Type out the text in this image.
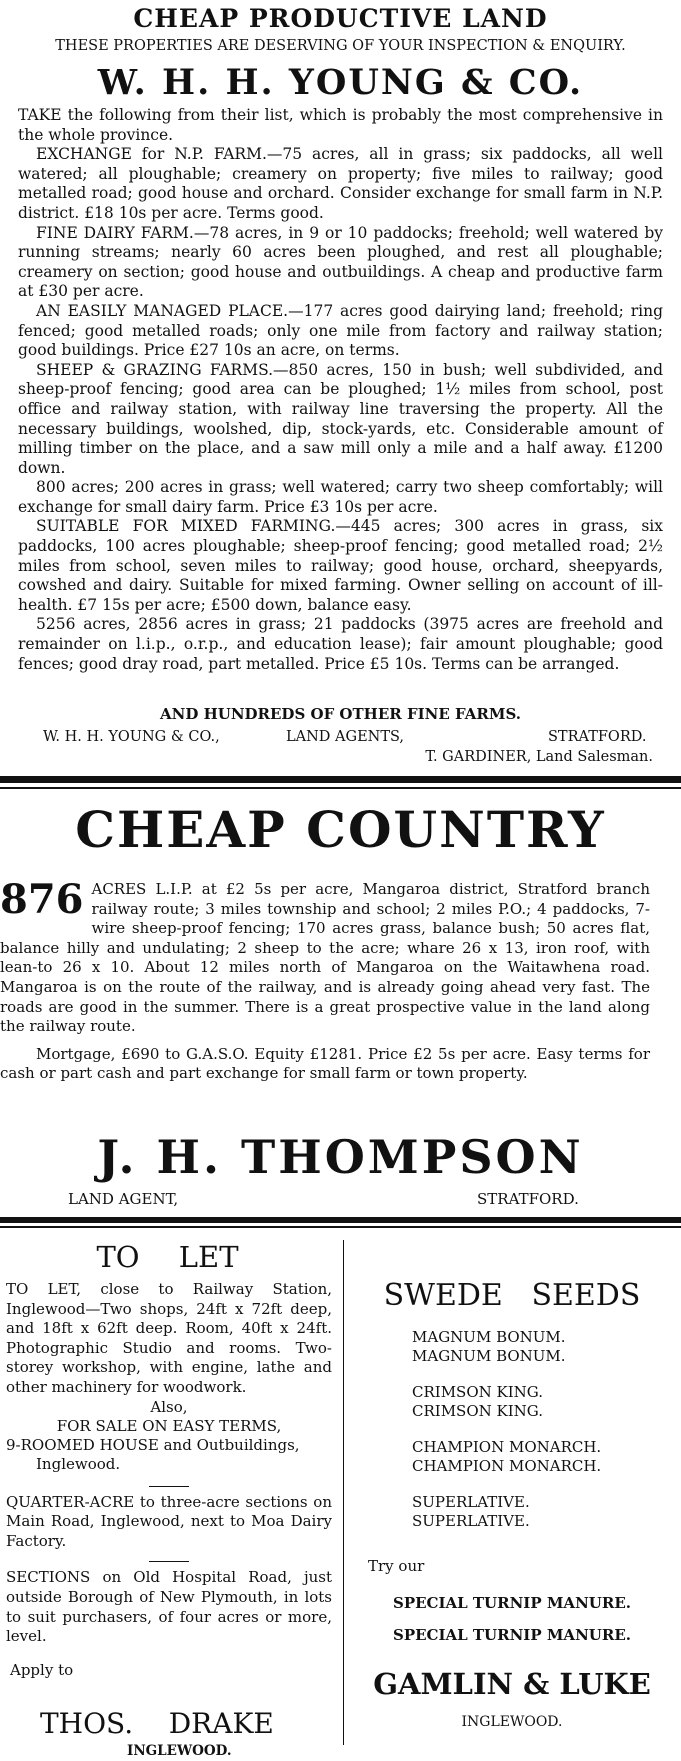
CHEAP PRODUCTIVE LAND
THESE PROPERTIES ARE DESERVING OF YOUR INSPECTION & ENQUIRY.
W. H. H. YOUNG & CO.

TAKE the following from their list, which is probably the most comprehensive in the whole province.

EXCHANGE for N.P. FARM.—75 acres, all in grass; six paddocks, all well watered; all ploughable; creamery on property; five miles to railway; good metalled road; good house and orchard. Consider exchange for small farm in N.P. district. £18 10s per acre. Terms good.

FINE DAIRY FARM.—78 acres, in 9 or 10 paddocks; freehold; well watered by running streams; nearly 60 acres been ploughed, and rest all ploughable; creamery on section; good house and outbuildings. A cheap and productive farm at £30 per acre.

AN EASILY MANAGED PLACE.—177 acres good dairying land; freehold; ring fenced; good metalled roads; only one mile from factory and railway station; good buildings. Price £27 10s an acre, on terms.

SHEEP & GRAZING FARMS.—850 acres, 150 in bush; well subdivided, and sheep-proof fencing; good area can be ploughed; 1½ miles from school, post office and railway station, with railway line traversing the property. All the necessary buildings, woolshed, dip, stock-yards, etc. Considerable amount of milling timber on the place, and a saw mill only a mile and a half away. £1200 down.

800 acres; 200 acres in grass; well watered; carry two sheep comfortably; will exchange for small dairy farm. Price £3 10s per acre.

SUITABLE FOR MIXED FARMING.—445 acres; 300 acres in grass, six paddocks, 100 acres ploughable; sheep-proof fencing; good metalled road; 2½ miles from school, seven miles to railway; good house, orchard, sheepyards, cowshed and dairy. Suitable for mixed farming. Owner selling on account of ill-health. £7 15s per acre; £500 down, balance easy.

5256 acres, 2856 acres in grass; 21 paddocks (3975 acres are freehold and remainder on l.i.p., o.r.p., and education lease); fair amount ploughable; good fences; good dray road, part metalled. Price £5 10s. Terms can be arranged.

AND HUNDREDS OF OTHER FINE FARMS.
W. H. H. YOUNG & CO.,	LAND AGENTS,	STRATFORD.
T. GARDINER, Land Salesman.
CHEAP COUNTRY

876 ACRES L.I.P. at £2 5s per acre, Mangaroa district, Stratford branch railway route; 3 miles township and school; 2 miles P.O.; 4 paddocks, 7-wire sheep-proof fencing; 170 acres grass, balance bush; 50 acres flat, balance hilly and undulating; 2 sheep to the acre; whare 26 x 13, iron roof, with lean-to 26 x 10. About 12 miles north of Mangaroa on the Waitawhena road. Mangaroa is on the route of the railway, and is already going ahead very fast. The roads are good in the summer. There is a great prospective value in the land along the railway route.

Mortgage, £690 to G.A.S.O. Equity £1281. Price £2 5s per acre. Easy terms for cash or part cash and part exchange for small farm or town property.

J. H. THOMPSON
LAND AGENT,	STRATFORD.
TO LET

TO LET, close to Railway Station, Inglewood—Two shops, 24ft x 72ft deep, and 18ft x 62ft deep. Room, 40ft x 24ft. Photographic Studio and rooms. Two-storey workshop, with engine, lathe and other machinery for woodwork.

Also,

FOR SALE ON EASY TERMS,

9-ROOMED HOUSE and Outbuildings,

Inglewood.

QUARTER-ACRE to three-acre sections on Main Road, Inglewood, next to Moa Dairy Factory.

SECTIONS on Old Hospital Road, just outside Borough of New Plymouth, in lots to suit purchasers, of four acres or more, level.

Apply to

THOS.    DRAKE
INGLEWOOD.
SWEDE   SEEDS

MAGNUM BONUM.

MAGNUM BONUM.

CRIMSON KING.

CRIMSON KING.

CHAMPION MONARCH.

CHAMPION MONARCH.

SUPERLATIVE.

SUPERLATIVE.

Try our
SPECIAL TURNIP MANURE.
SPECIAL TURNIP MANURE.
GAMLIN & LUKE
INGLEWOOD.
